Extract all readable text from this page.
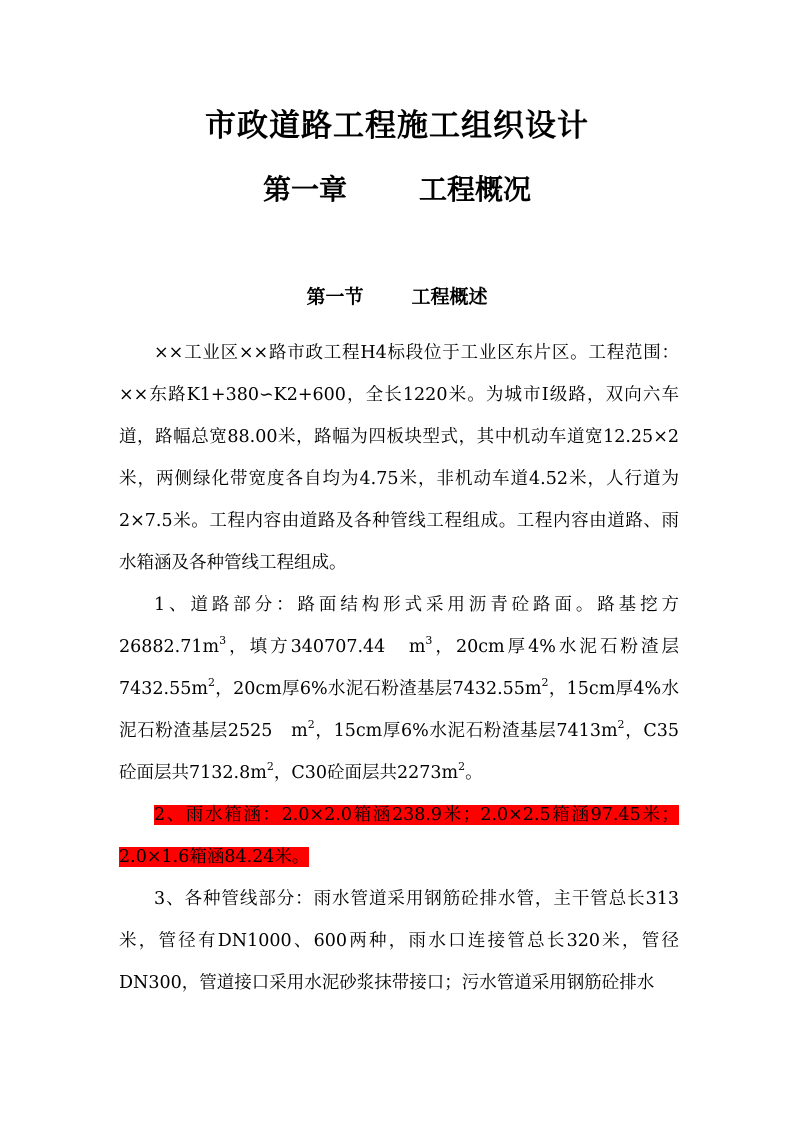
市政道路工程施工组织设计
第一章	工程概况
第一节	工程概述

××工业区××路市政工程H4标段位于工业区东片区。工程范围：××东路K1+380∽K2+600，全长1220米。为城市Ⅰ级路，双向六车道，路幅总宽88.00米，路幅为四板块型式，其中机动车道宽12.25×2米，两侧绿化带宽度各自均为4.75米，非机动车道4.52米，人行道为2×7.5米。工程内容由道路及各种管线工程组成。工程内容由道路、雨水箱涵及各种管线工程组成。

1、道路部分：路面结构形式采用沥青砼路面。路基挖方$26882.71m^3$，填方340707.44　$m^3$，20cm厚4%水泥石粉渣层$7432.55m^2$，20cm厚6%水泥石粉渣基层$7432.55m^2$，15cm厚4%水泥石粉渣基层2525　$m^2$，15cm厚6%水泥石粉渣基层$7413m^2$，C35砼面层共$7132.8m^2$，C30砼面层共$2273m^2$。

2、雨水箱涵：2.0×2.0箱涵238.9米；2.0×2.5箱涵97.45米；2.0×1.6箱涵84.24米。

3、各种管线部分：雨水管道采用钢筋砼排水管，主干管总长313米，管径有DN1000、600两种，雨水口连接管总长320米，管径DN300，管道接口采用水泥砂浆抹带接口；污水管道采用钢筋砼排水
